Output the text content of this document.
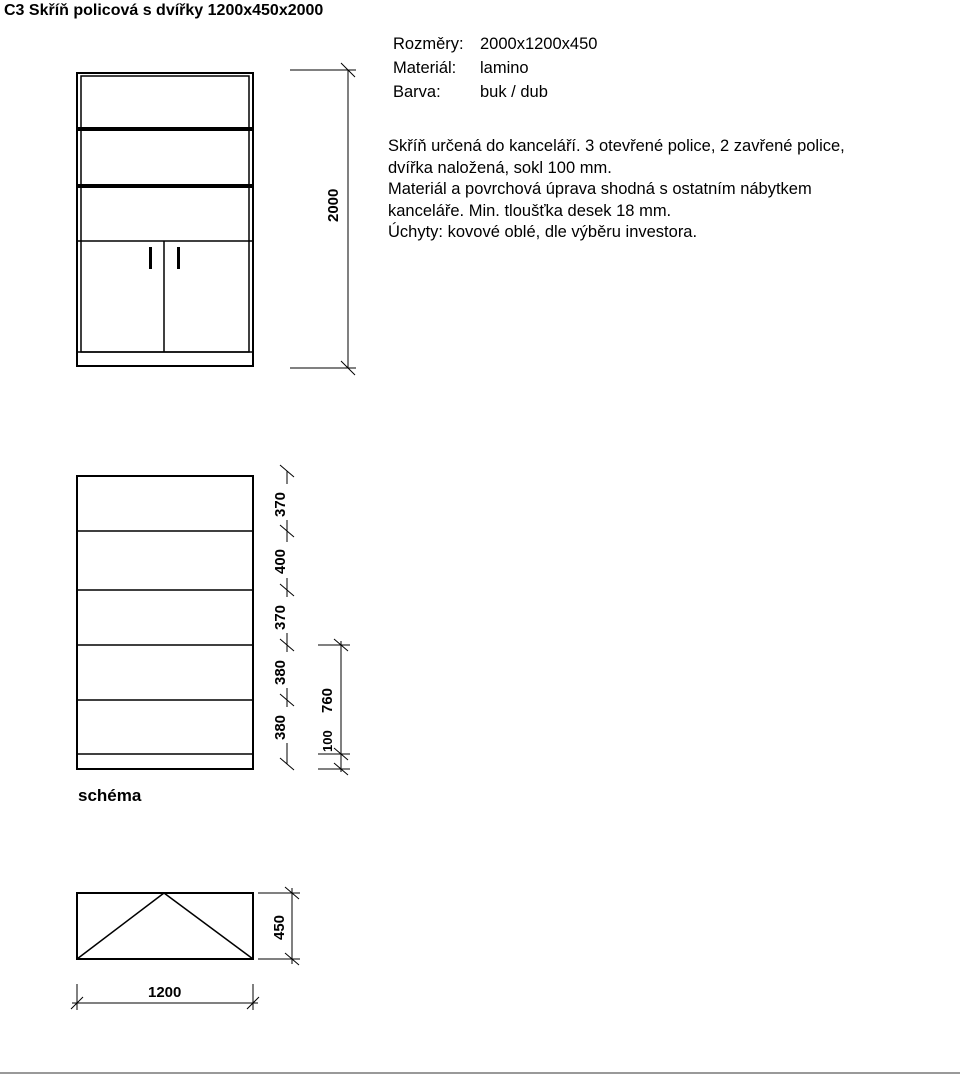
C3 Skříň policová s dvířky 1200x450x2000
Rozměry: 2000x1200x450
Materiál: lamino
Barva: buk / dub
Skříň určená do kanceláří. 3 otevřené police, 2 zavřené police,
dvířka naložená, sokl 100 mm.
Materiál a povrchová úprava shodná s ostatním nábytkem
kanceláře. Min. tloušťka desek 18 mm.
Úchyty: kovové oblé, dle výběru investora.
2000
370
400
370
380
380
760
100
schéma
450
1200
